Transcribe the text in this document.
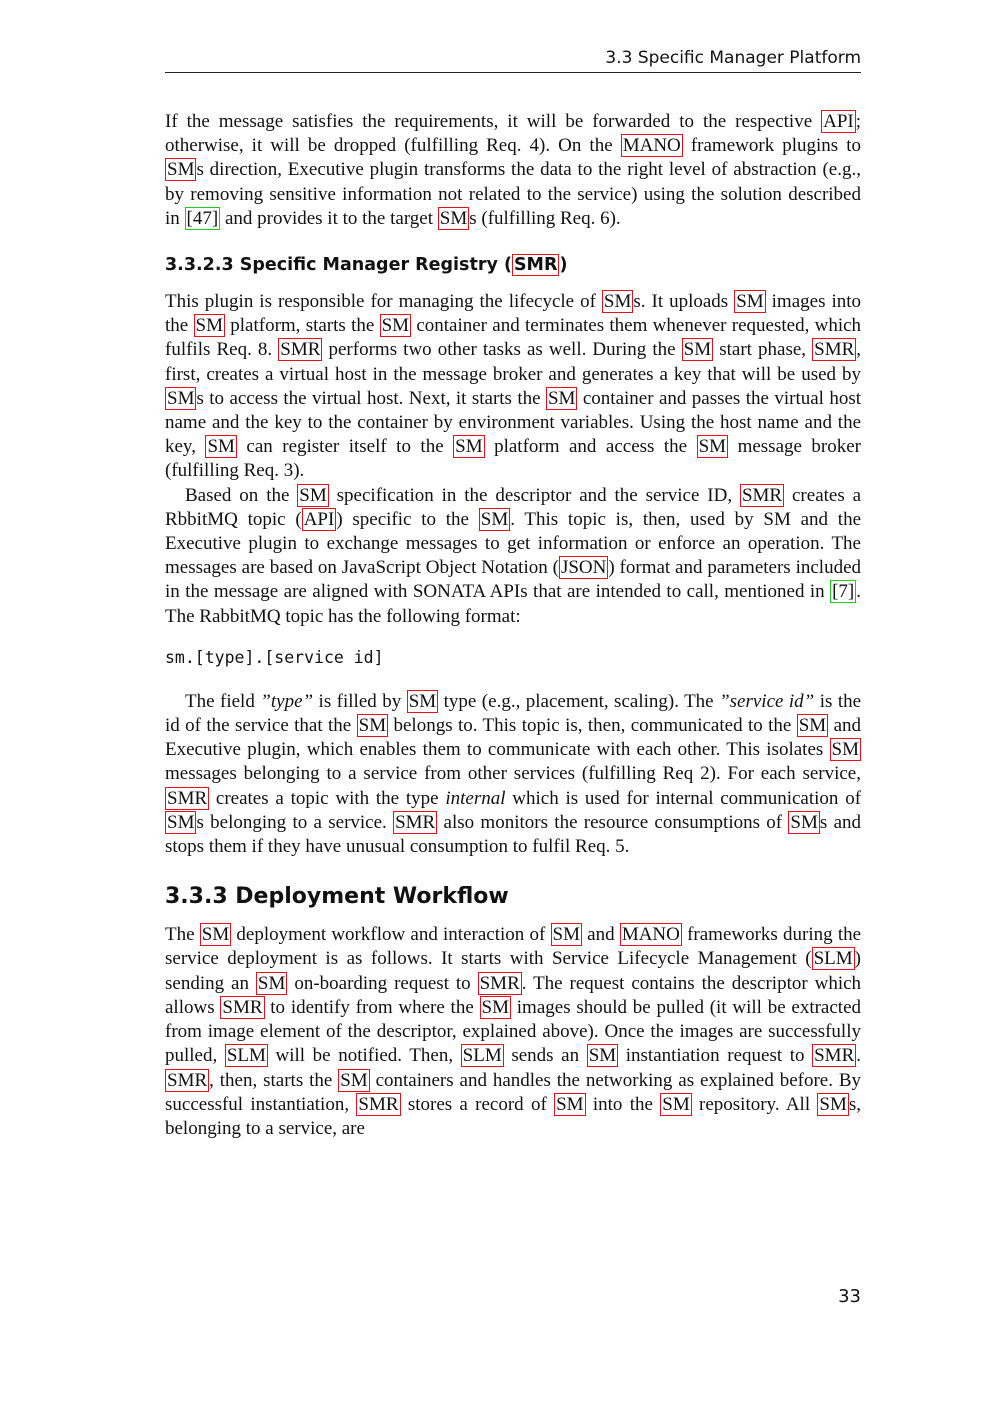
3.3 Specific Manager Platform

If the message satisfies the requirements, it will be forwarded to the respective API ; otherwise, it will be dropped (fulfilling Req. 4). On the MANO framework plugins to SM s direction, Executive plugin transforms the data to the right level of abstraction (e.g., by removing sensitive information not related to the service) using the solution described in [47] and provides it to the target SM s (fulfilling Req. 6).

3.3.2.3 Specific Manager Registry ( SMR )

This plugin is responsible for managing the lifecycle of SM s. It uploads SM images into the SM platform, starts the SM container and terminates them whenever requested, which fulfils Req. 8. SMR performs two other tasks as well. During the SM start phase, SMR , first, creates a virtual host in the message broker and generates a key that will be used by SM s to access the virtual host. Next, it starts the SM container and passes the virtual host name and the key to the container by environment variables. Using the host name and the key, SM can register itself to the SM platform and access the SM message broker (fulfilling Req. 3).

Based on the SM specification in the descriptor and the service ID, SMR creates a RbbitMQ topic ( API ) specific to the SM . This topic is, then, used by SM and the Executive plugin to exchange messages to get information or enforce an operation. The messages are based on JavaScript Object Notation ( JSON ) format and parameters included in the message are aligned with SONATA APIs that are intended to call, mentioned in [7] . The RabbitMQ topic has the following format:

sm.[type].[service id]

The field ”type” is filled by SM type (e.g., placement, scaling). The ”service id” is the id of the service that the SM belongs to. This topic is, then, communicated to the SM and Executive plugin, which enables them to communicate with each other. This isolates SM messages belonging to a service from other services (fulfilling Req 2). For each service, SMR creates a topic with the type internal which is used for internal communication of SM s belonging to a service. SMR also monitors the resource consumptions of SM s and stops them if they have unusual consumption to fulfil Req. 5.

3.3.3 Deployment Workflow

The SM deployment workflow and interaction of SM and MANO frameworks during the service deployment is as follows. It starts with Service Lifecycle Management ( SLM ) sending an SM on-boarding request to SMR . The request contains the descriptor which allows SMR to identify from where the SM images should be pulled (it will be extracted from image element of the descriptor, explained above). Once the images are successfully pulled, SLM will be notified. Then, SLM sends an SM instantiation request to SMR . SMR , then, starts the SM containers and handles the networking as explained before. By successful instantiation, SMR stores a record of SM into the SM repository. All SM s, belonging to a service, are

33
